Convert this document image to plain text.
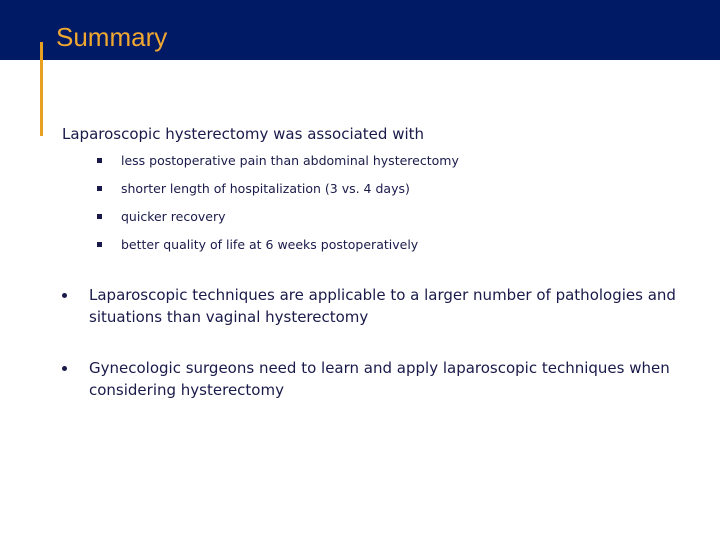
Summary
Laparoscopic hysterectomy was associated with
less postoperative pain than abdominal hysterectomy
shorter length of hospitalization (3 vs. 4 days)
quicker recovery
better quality of life at 6 weeks postoperatively
Laparoscopic techniques are applicable to a larger number of pathologies and situations than vaginal hysterectomy
Gynecologic surgeons need to learn and apply laparoscopic techniques when considering hysterectomy
